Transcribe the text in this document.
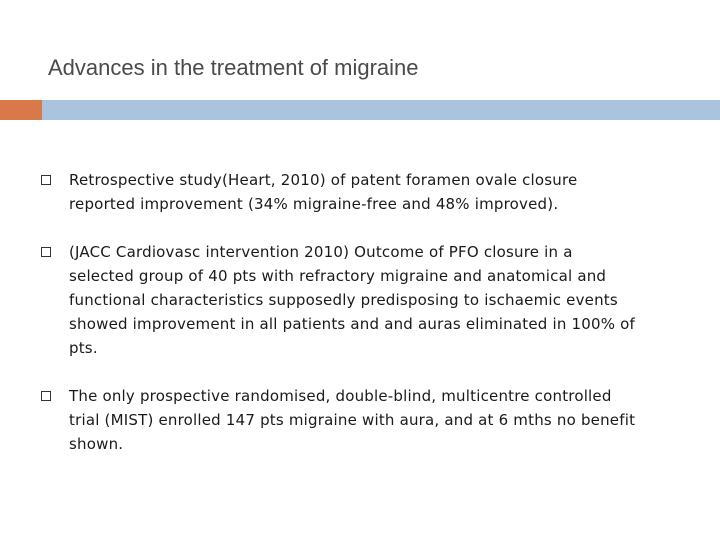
Advances in the treatment of migraine
Retrospective study(Heart, 2010) of patent foramen ovale closure reported improvement (34% migraine-free and 48% improved).
(JACC Cardiovasc intervention 2010) Outcome of PFO closure in a selected group of 40 pts with refractory migraine and anatomical and functional characteristics supposedly predisposing to ischaemic events showed improvement in all patients and and auras eliminated in 100% of pts.
The only prospective randomised, double-blind, multicentre controlled trial (MIST) enrolled 147 pts migraine with aura, and at 6 mths no benefit shown.
